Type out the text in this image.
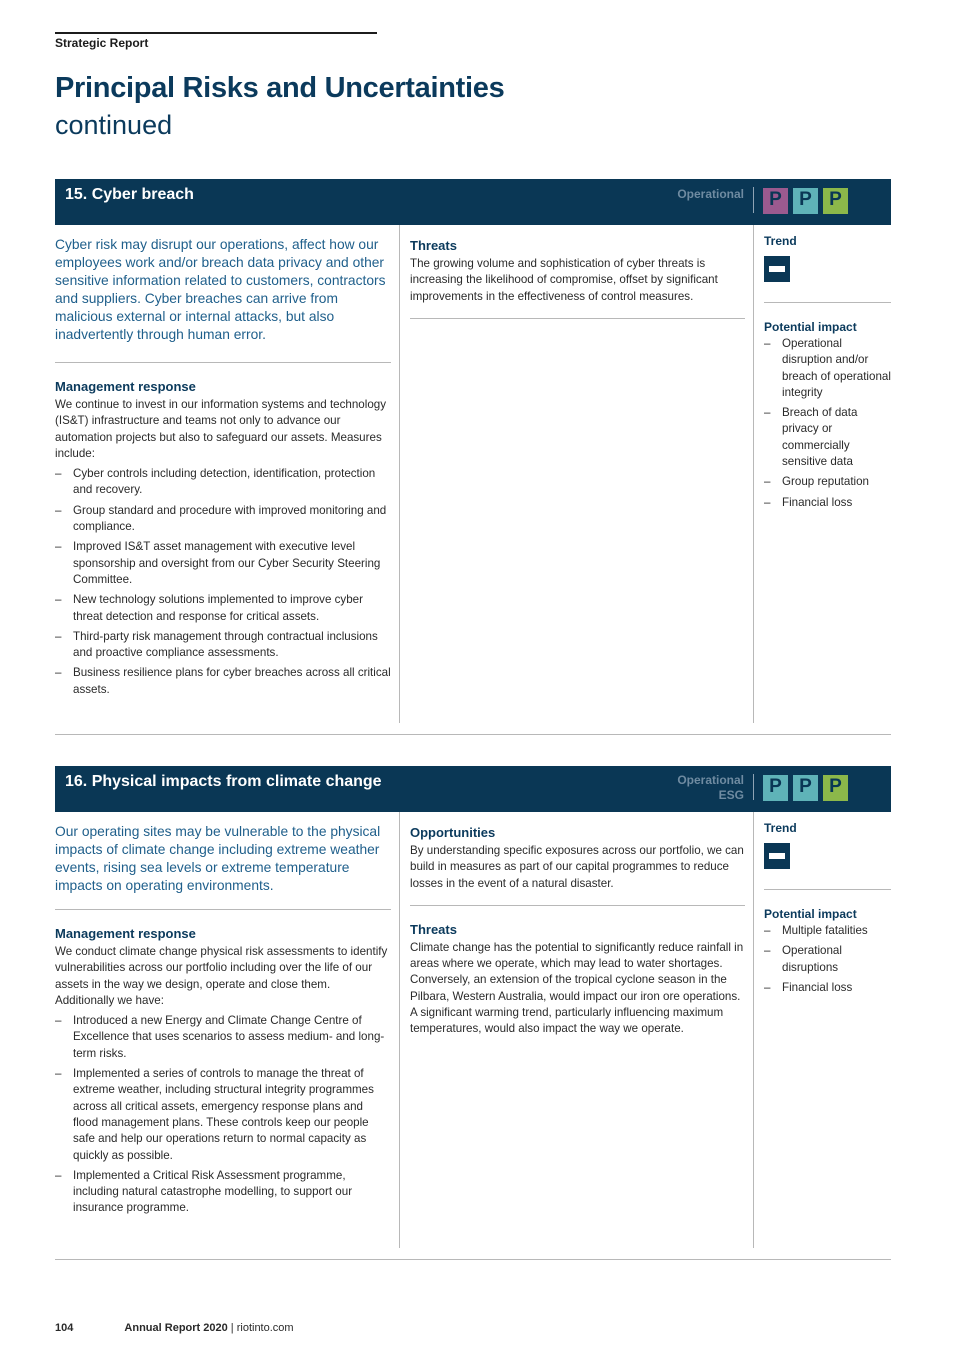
Strategic Report
Principal Risks and Uncertainties
continued
15. Cyber breach	Operational	P P P

Cyber risk may disrupt our operations, affect how our employees work and/or breach data privacy and other sensitive information related to customers, contractors and suppliers. Cyber breaches can arrive from malicious external or internal attacks, but also inadvertently through human error.

Management response

We continue to invest in our information systems and technology (IS&T) infrastructure and teams not only to advance our automation projects but also to safeguard our assets. Measures include:

– Cyber controls including detection, identification, protection and recovery.
– Group standard and procedure with improved monitoring and compliance.
– Improved IS&T asset management with executive level sponsorship and oversight from our Cyber Security Steering Committee.
– New technology solutions implemented to improve cyber threat detection and response for critical assets.
– Third-party risk management through contractual inclusions and proactive compliance assessments.
– Business resilience plans for cyber breaches across all critical assets.
Threats

The growing volume and sophistication of cyber threats is increasing the likelihood of compromise, offset by significant improvements in the effectiveness of control measures.

Trend
Potential impact
– Operational disruption and/or breach of operational integrity
– Breach of data privacy or commercially sensitive data
– Group reputation
– Financial loss
16. Physical impacts from climate change	Operational
ESG	P P P

Our operating sites may be vulnerable to the physical impacts of climate change including extreme weather events, rising sea levels or extreme temperature impacts on operating environments.

Management response

We conduct climate change physical risk assessments to identify vulnerabilities across our portfolio including over the life of our assets in the way we design, operate and close them. Additionally we have:

– Introduced a new Energy and Climate Change Centre of Excellence that uses scenarios to assess medium- and long-term risks.
– Implemented a series of controls to manage the threat of extreme weather, including structural integrity programmes across all critical assets, emergency response plans and flood management plans. These controls keep our people safe and help our operations return to normal capacity as quickly as possible.
– Implemented a Critical Risk Assessment programme, including natural catastrophe modelling, to support our insurance programme.
Opportunities

By understanding specific exposures across our portfolio, we can build in measures as part of our capital programmes to reduce losses in the event of a natural disaster.

Threats

Climate change has the potential to significantly reduce rainfall in areas where we operate, which may lead to water shortages. Conversely, an extension of the tropical cyclone season in the Pilbara, Western Australia, would impact our iron ore operations. A significant warming trend, particularly influencing maximum temperatures, would also impact the way we operate.

Trend
Potential impact
– Multiple fatalities
– Operational disruptions
– Financial loss
104	Annual Report 2020 | riotinto.com
